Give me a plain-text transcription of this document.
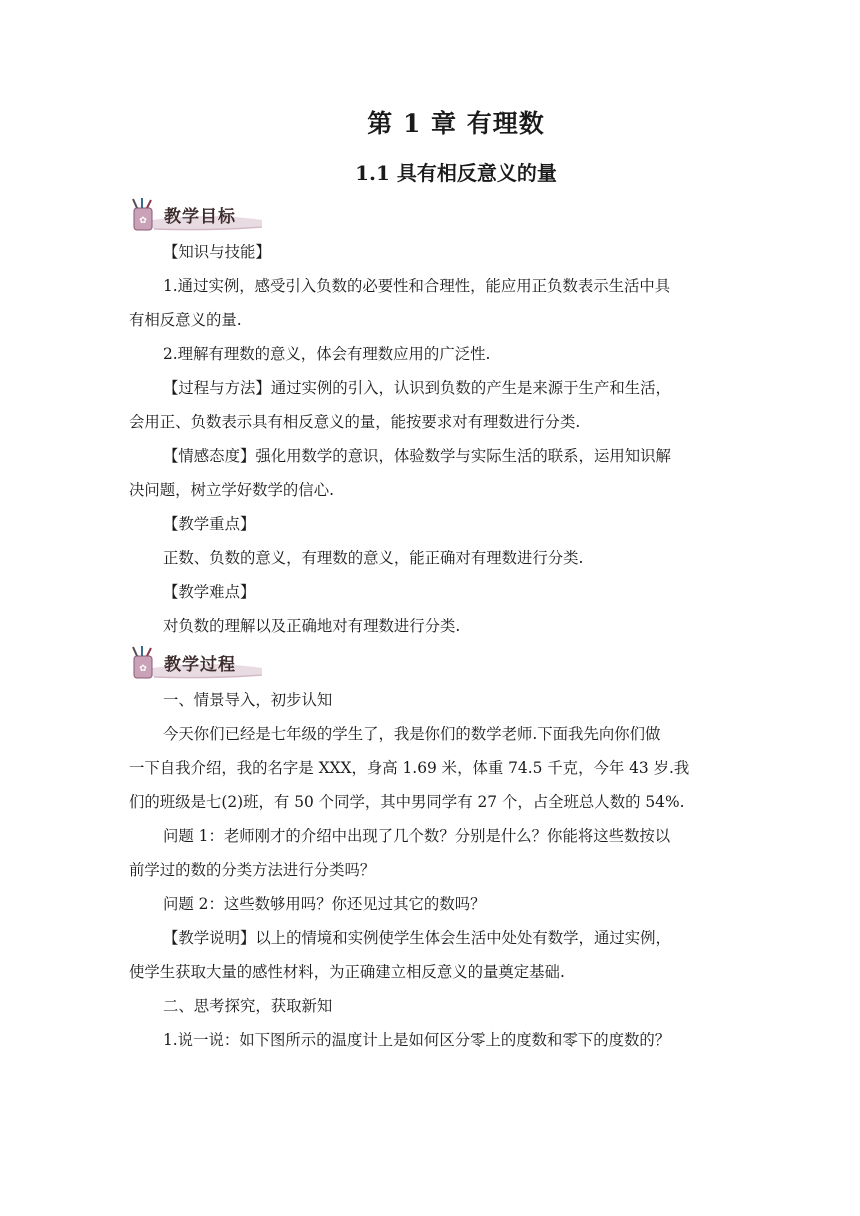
第 1 章 有理数
1.1 具有相反意义的量
✿ 教学目标
【知识与技能】
1.通过实例，感受引入负数的必要性和合理性，能应用正负数表示生活中具
有相反意义的量.
2.理解有理数的意义，体会有理数应用的广泛性.
【过程与方法】通过实例的引入，认识到负数的产生是来源于生产和生活，
会用正、负数表示具有相反意义的量，能按要求对有理数进行分类.
【情感态度】强化用数学的意识，体验数学与实际生活的联系，运用知识解
决问题，树立学好数学的信心.
【教学重点】
正数、负数的意义，有理数的意义，能正确对有理数进行分类.
【教学难点】
对负数的理解以及正确地对有理数进行分类.
✿ 教学过程
一、情景导入，初步认知
今天你们已经是七年级的学生了，我是你们的数学老师.下面我先向你们做
一下自我介绍，我的名字是 XXX，身高 1.69 米，体重 74.5 千克，今年 43 岁.我
们的班级是七(2)班，有 50 个同学，其中男同学有 27 个，占全班总人数的 54%.
问题 1：老师刚才的介绍中出现了几个数？分别是什么？你能将这些数按以
前学过的数的分类方法进行分类吗？
问题 2：这些数够用吗？你还见过其它的数吗？
【教学说明】以上的情境和实例使学生体会生活中处处有数学，通过实例，
使学生获取大量的感性材料，为正确建立相反意义的量奠定基础.
二、思考探究，获取新知
1.说一说：如下图所示的温度计上是如何区分零上的度数和零下的度数的？
